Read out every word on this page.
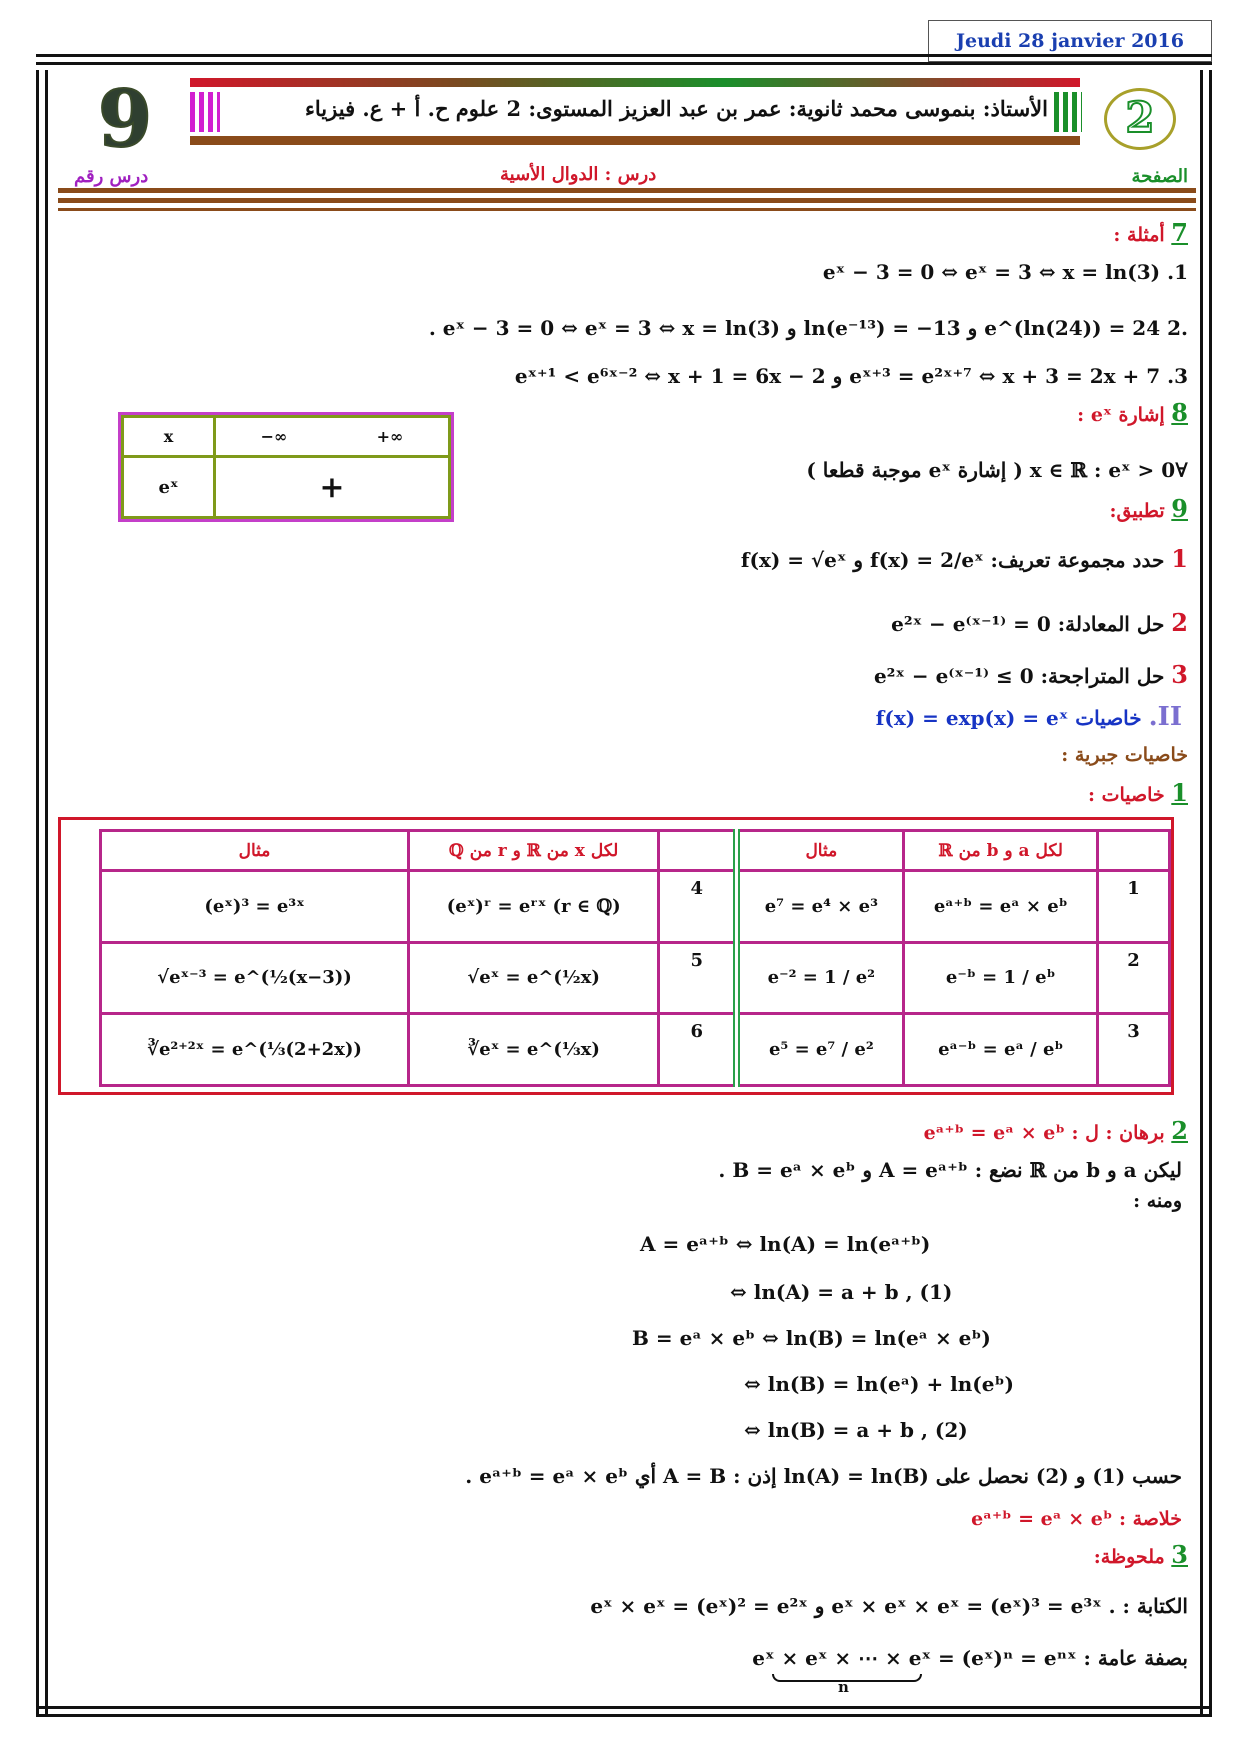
Jeudi 28 janvier 2016
الأستاذ: بنموسى محمد ثانوية: عمر بن عبد العزيز المستوى: 2 علوم ح. أ + ع. فيزياء	2
الصفحة
9
درس رقم	درس : الدوال الأسية
7 أمثلة :
eˣ − 3 = 0 ⇔ eˣ = 3 ⇔ x = ln(3) .1
.2 . eˣ − 3 = 0 ⇔ eˣ = 3 ⇔ x = ln(3) و ln(e⁻¹³) = −13 و e^(ln(24)) = 24
eˣ⁺¹ < e⁶ˣ⁻² ⇔ x + 1 = 6x − 2 و eˣ⁺³ = e²ˣ⁺⁷ ⇔ x + 3 = 2x + 7 .3
8 إشارة eˣ :
x	−∞ +∞

eˣ	+	∀x ∈ ℝ : eˣ > 0 ( إشارة eˣ موجبة قطعا )
9 تطبيق:
1 حدد مجموعة تعريف: f(x) = 2/eˣ و f(x) = √eˣ
2 حل المعادلة: e²ˣ − e⁽ˣ⁻¹⁾ = 0
3 حل المتراجحة: e²ˣ − e⁽ˣ⁻¹⁾ ≤ 0
II. خاصيات f(x) = exp(x) = eˣ
خاصيات جبرية :
1 خاصيات :
مثال	لكل x من ℝ و r من ℚ		مثال	لكل a و b من ℝ	
(eˣ)³ = e³ˣ	(eˣ)ʳ = eʳˣ (r ∈ ℚ)	4	e⁷ = e⁴ × e³	eᵃ⁺ᵇ = eᵃ × eᵇ	1
√eˣ⁻³ = e^(½(x−3))	√eˣ = e^(½x)	5	e⁻² = 1 / e²	e⁻ᵇ = 1 / eᵇ	2
∛e²⁺²ˣ = e^(⅓(2+2x))	∛eˣ = e^(⅓x)	6	e⁵ = e⁷ / e²	eᵃ⁻ᵇ = eᵃ / eᵇ	3
2 برهان : ل : eᵃ⁺ᵇ = eᵃ × eᵇ
ليكن a و b من ℝ نضع : A = eᵃ⁺ᵇ و B = eᵃ × eᵇ .
ومنه :
A = eᵃ⁺ᵇ ⇔ ln(A) = ln(eᵃ⁺ᵇ)
⇔ ln(A) = a + b , (1)
B = eᵃ × eᵇ ⇔ ln(B) = ln(eᵃ × eᵇ)
⇔ ln(B) = ln(eᵃ) + ln(eᵇ)
⇔ ln(B) = a + b , (2)
حسب (1) و (2) نحصل على ln(A) = ln(B) إذن : A = B أي eᵃ⁺ᵇ = eᵃ × eᵇ .
خلاصة : eᵃ⁺ᵇ = eᵃ × eᵇ
3 ملحوظة:
الكتابة : eˣ × eˣ = (eˣ)² = e²ˣ و eˣ × eˣ × eˣ = (eˣ)³ = e³ˣ .
بصفة عامة : eˣ × eˣ × ⋯ × eˣ = (eˣ)ⁿ = eⁿˣ
n
